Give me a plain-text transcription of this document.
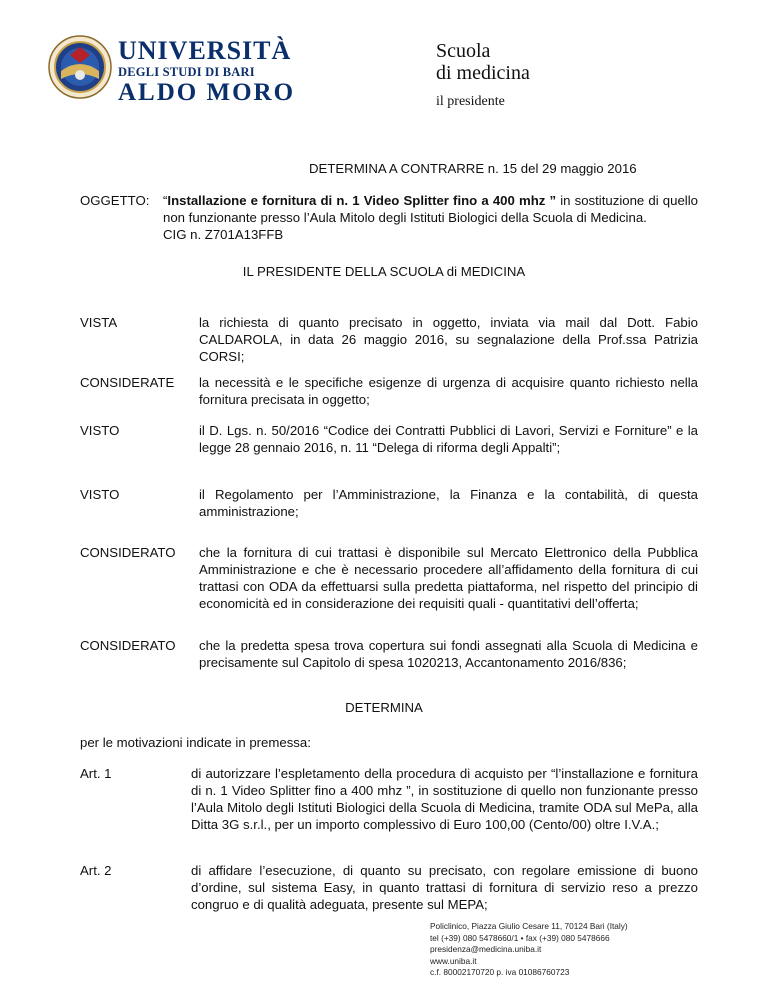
UNIVERSITÀ
DEGLI STUDI DI BARI
ALDO MORO
Scuola
di medicina
il presidente
DETERMINA A CONTRARRE n. 15 del 29 maggio 2016
OGGETTO: “Installazione e fornitura di n. 1 Video Splitter fino a 400 mhz ” in sostituzione di quello non funzionante presso l’Aula Mitolo degli Istituti Biologici della Scuola di Medicina.
CIG n. Z701A13FFB
IL PRESIDENTE DELLA SCUOLA di MEDICINA
VISTA	la richiesta di quanto precisato in oggetto, inviata via mail dal Dott. Fabio CALDAROLA, in data 26 maggio 2016, su segnalazione della Prof.ssa Patrizia CORSI;
CONSIDERATE la necessità e le specifiche esigenze di urgenza di acquisire quanto richiesto nella fornitura precisata in oggetto;
VISTO	il D. Lgs. n. 50/2016 “Codice dei Contratti Pubblici di Lavori, Servizi e Forniture” e la legge 28 gennaio 2016, n. 11 “Delega di riforma degli Appalti”;
VISTO	il Regolamento per l’Amministrazione, la Finanza e la contabilità, di questa amministrazione;
CONSIDERATO che la fornitura di cui trattasi è disponibile sul Mercato Elettronico della Pubblica Amministrazione e che è necessario procedere all’affidamento della fornitura di cui trattasi con ODA da effettuarsi sulla predetta piattaforma, nel rispetto del principio di economicità ed in considerazione dei requisiti quali - quantitativi dell’offerta;
CONSIDERATO che la predetta spesa trova copertura sui fondi assegnati alla Scuola di Medicina e precisamente sul Capitolo di spesa 1020213, Accantonamento 2016/836;
DETERMINA
per le motivazioni indicate in premessa:
Art. 1	di autorizzare l’espletamento della procedura di acquisto per “l’installazione e fornitura di n. 1 Video Splitter fino a 400 mhz ”, in sostituzione di quello non funzionante presso l’Aula Mitolo degli Istituti Biologici della Scuola di Medicina, tramite ODA sul MePa, alla Ditta 3G s.r.l., per un importo complessivo di Euro 100,00 (Cento/00) oltre I.V.A.;
Art. 2	di affidare l’esecuzione, di quanto su precisato, con regolare emissione di buono d’ordine, sul sistema Easy, in quanto trattasi di fornitura di servizio reso a prezzo congruo e di qualità adeguata, presente sul MEPA;
Policlinico, Piazza Giulio Cesare 11, 70124 Bari (Italy)
tel (+39) 080 5478660/1 • fax (+39) 080 5478666
presidenza@medicina.uniba.it
www.uniba.it
c.f. 80002170720 p. iva 01086760723
